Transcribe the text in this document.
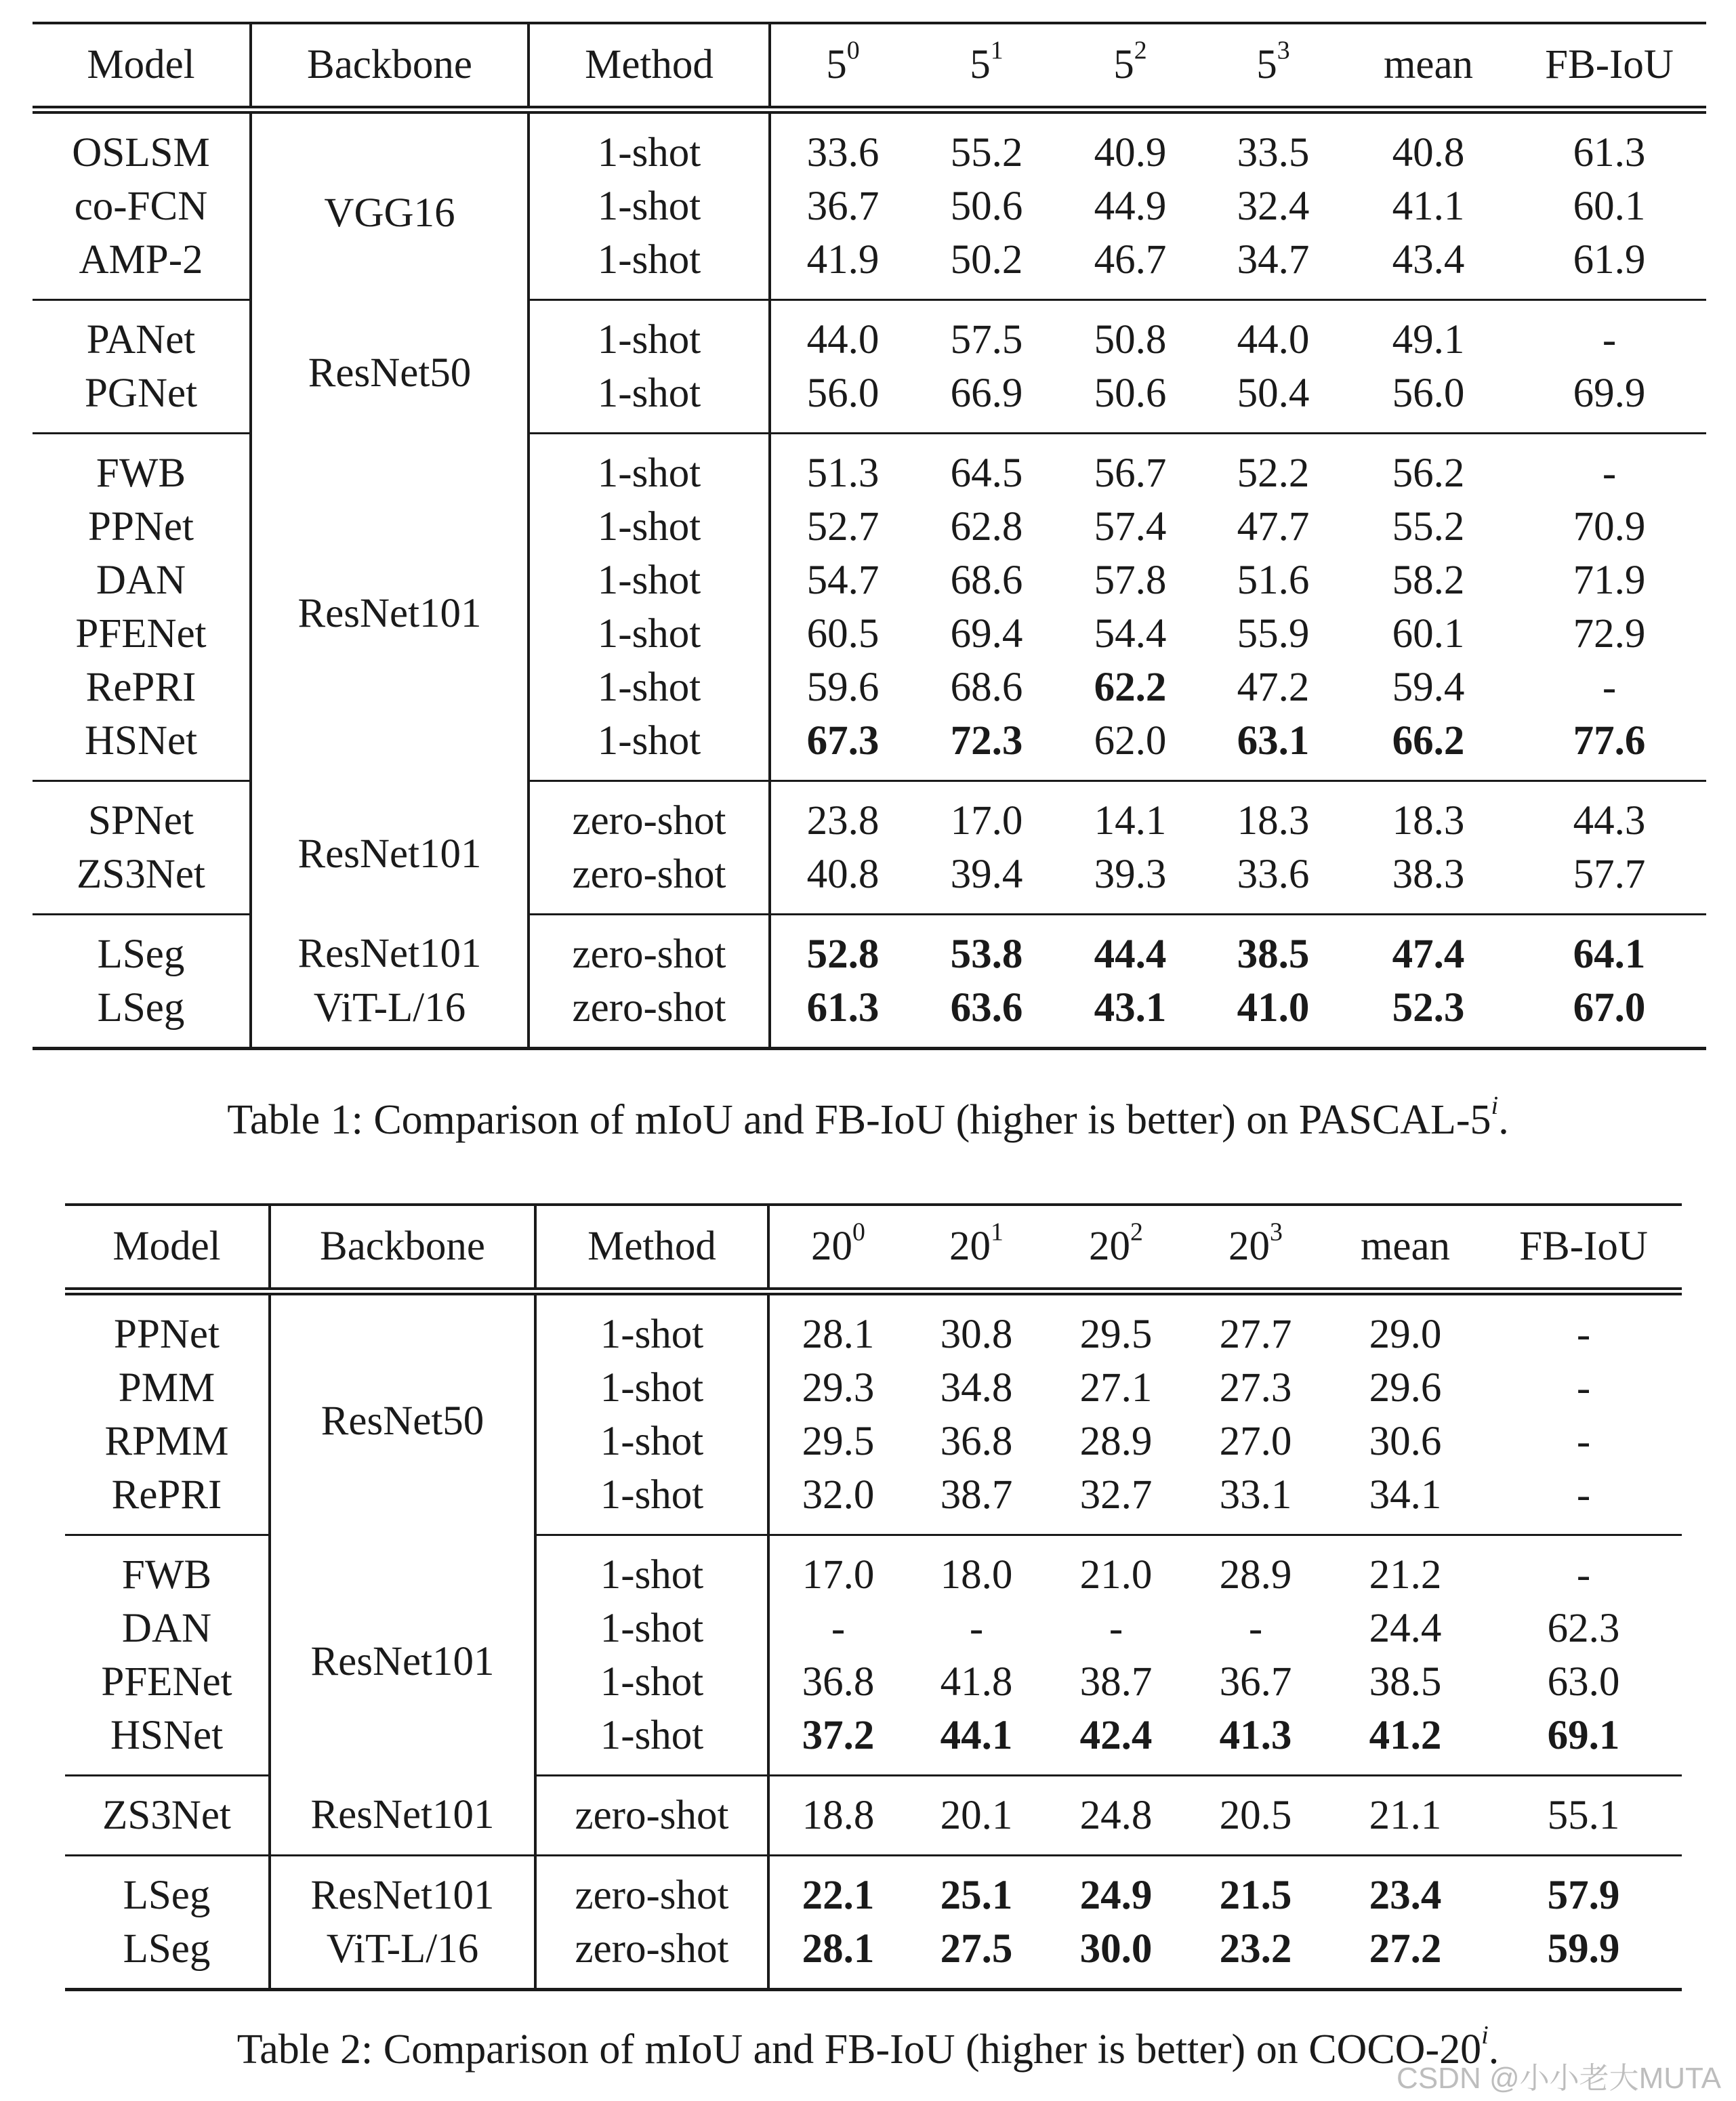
Model	Backbone	Method	$5^0$	$5^1$	$5^2$	$5^3$	mean	FB-IoU
OSLSM	VGG16	1-shot	33.6	55.2	40.9	33.5	40.8	61.3
co-FCN		1-shot	36.7	50.6	44.9	32.4	41.1	60.1
AMP-2		1-shot	41.9	50.2	46.7	34.7	43.4	61.9
PANet	ResNet50	1-shot	44.0	57.5	50.8	44.0	49.1	-
PGNet		1-shot	56.0	66.9	50.6	50.4	56.0	69.9
FWB	ResNet101	1-shot	51.3	64.5	56.7	52.2	56.2	-
PPNet		1-shot	52.7	62.8	57.4	47.7	55.2	70.9
DAN		1-shot	54.7	68.6	57.8	51.6	58.2	71.9
PFENet		1-shot	60.5	69.4	54.4	55.9	60.1	72.9
RePRI		1-shot	59.6	68.6	62.2	47.2	59.4	-
HSNet		1-shot	67.3	72.3	62.0	63.1	66.2	77.6
SPNet	ResNet101	zero-shot	23.8	17.0	14.1	18.3	18.3	44.3
ZS3Net		zero-shot	40.8	39.4	39.3	33.6	38.3	57.7
LSeg	ResNet101	zero-shot	52.8	53.8	44.4	38.5	47.4	64.1
LSeg	ViT-L/16	zero-shot	61.3	63.6	43.1	41.0	52.3	67.0
Table 1: Comparison of mIoU and FB-IoU (higher is better) on PASCAL-5$^i$.
Model	Backbone	Method	$20^0$	$20^1$	$20^2$	$20^3$	mean	FB-IoU
PPNet	ResNet50	1-shot	28.1	30.8	29.5	27.7	29.0	-
PMM		1-shot	29.3	34.8	27.1	27.3	29.6	-
RPMM		1-shot	29.5	36.8	28.9	27.0	30.6	-
RePRI		1-shot	32.0	38.7	32.7	33.1	34.1	-
FWB	ResNet101	1-shot	17.0	18.0	21.0	28.9	21.2	-
DAN		1-shot	-	-	-	-	24.4	62.3
PFENet		1-shot	36.8	41.8	38.7	36.7	38.5	63.0
HSNet		1-shot	37.2	44.1	42.4	41.3	41.2	69.1
ZS3Net	ResNet101	zero-shot	18.8	20.1	24.8	20.5	21.1	55.1
LSeg	ResNet101	zero-shot	22.1	25.1	24.9	21.5	23.4	57.9
LSeg	ViT-L/16	zero-shot	28.1	27.5	30.0	23.2	27.2	59.9
Table 2: Comparison of mIoU and FB-IoU (higher is better) on COCO-20$^i$.
CSDN @小小老大MUTA
